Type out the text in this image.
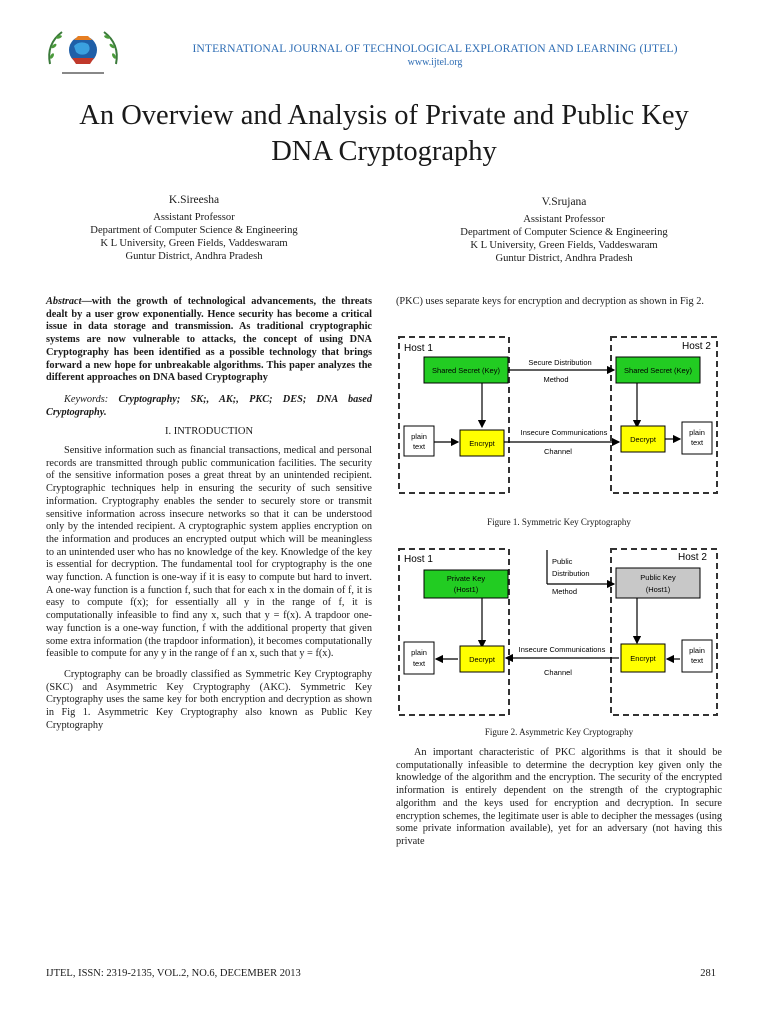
INTERNATIONAL JOURNAL OF TECHNOLOGICAL EXPLORATION AND LEARNING (IJTEL)
www.ijtel.org
An Overview and Analysis of Private and Public Key
DNA Cryptography
K.Sireesha
Assistant Professor
Department of Computer Science & Engineering
K L University, Green Fields, Vaddeswaram
Guntur District, Andhra Pradesh
V.Srujana
Assistant Professor
Department of Computer Science & Engineering
K L University, Green Fields, Vaddeswaram
Guntur District, Andhra Pradesh
Abstract—with the growth of technological advancements, the threats dealt by a user grow exponentially. Hence security has become a critical issue in data storage and transmission. As traditional cryptographic systems are now vulnerable to attacks, the concept of using DNA Cryptography has been identified as a possible technology that brings forward a new hope for unbreakable algorithms. This paper analyzes the different approaches on DNA based Cryptography
Keywords: Cryptography; SK;, AK;, PKC; DES; DNA based Cryptography.
I. INTRODUCTION
Sensitive information such as financial transactions, medical and personal records are transmitted through public communication facilities. The security of the sensitive information poses a great threat by an unintended recipient. Cryptographic techniques help in ensuring the security of such sensitive information. Cryptography enables the sender to securely store or transmit sensitive information across insecure networks so that it can be understood only by the intended recipient. A cryptographic system applies encryption on the information and produces an encrypted output which will be meaningless to an unintended user who has no knowledge of the key. Knowledge of the key is essential for decryption. The fundamental tool for cryptography is the one way function. A function is one-way if it is easy to compute but hard to invert. A one-way function is a function f, such that for each x in the domain of f, it is easy to compute f(x); for essentially all y in the range of f, it is computationally infeasible to find any x, such that y = f(x). A trapdoor one-way function is a one-way function, f with the additional property that given some extra information (the trapdoor information), it becomes computationally feasible to compute for any y in the range of f an x, such that y = f(x).
Cryptography can be broadly classified as Symmetric Key Cryptography (SKC) and Asymmetric Key Cryptography (AKC). Symmetric Key Cryptography uses the same key for both encryption and decryption as shown in Fig 1. Asymmetric Key Cryptography also known as Public Key Cryptography
(PKC) uses separate keys for encryption and decryption as shown in Fig 2.
Host 1	Host 2
Shared Secret (Key)	Shared Secret (Key)
Secure Distribution
Method
plain
text	Encrypt
Insecure Communications
Channel
Decrypt
plain
text
Figure 1. Symmetric Key Cryptography
Host 1	Host 2
Private Key
(Host1)
Public
Distribution
Method
Public Key
(Host1)
plain
text	Decrypt
Insecure Communications
Channel
Encrypt
plain
text
Figure 2. Asymmetric Key Cryptography
An important characteristic of PKC algorithms is that it should be computationally infeasible to determine the decryption key given only the knowledge of the algorithm and the encryption. The security of the encrypted information is entirely dependent on the strength of the cryptographic algorithm and the keys used for encryption and decryption. In secure encryption schemes, the legitimate user is able to decipher the messages (using some private information available), yet for an adversary (not having this private
IJTEL, ISSN: 2319-2135, VOL.2, NO.6, DECEMBER 2013	281
